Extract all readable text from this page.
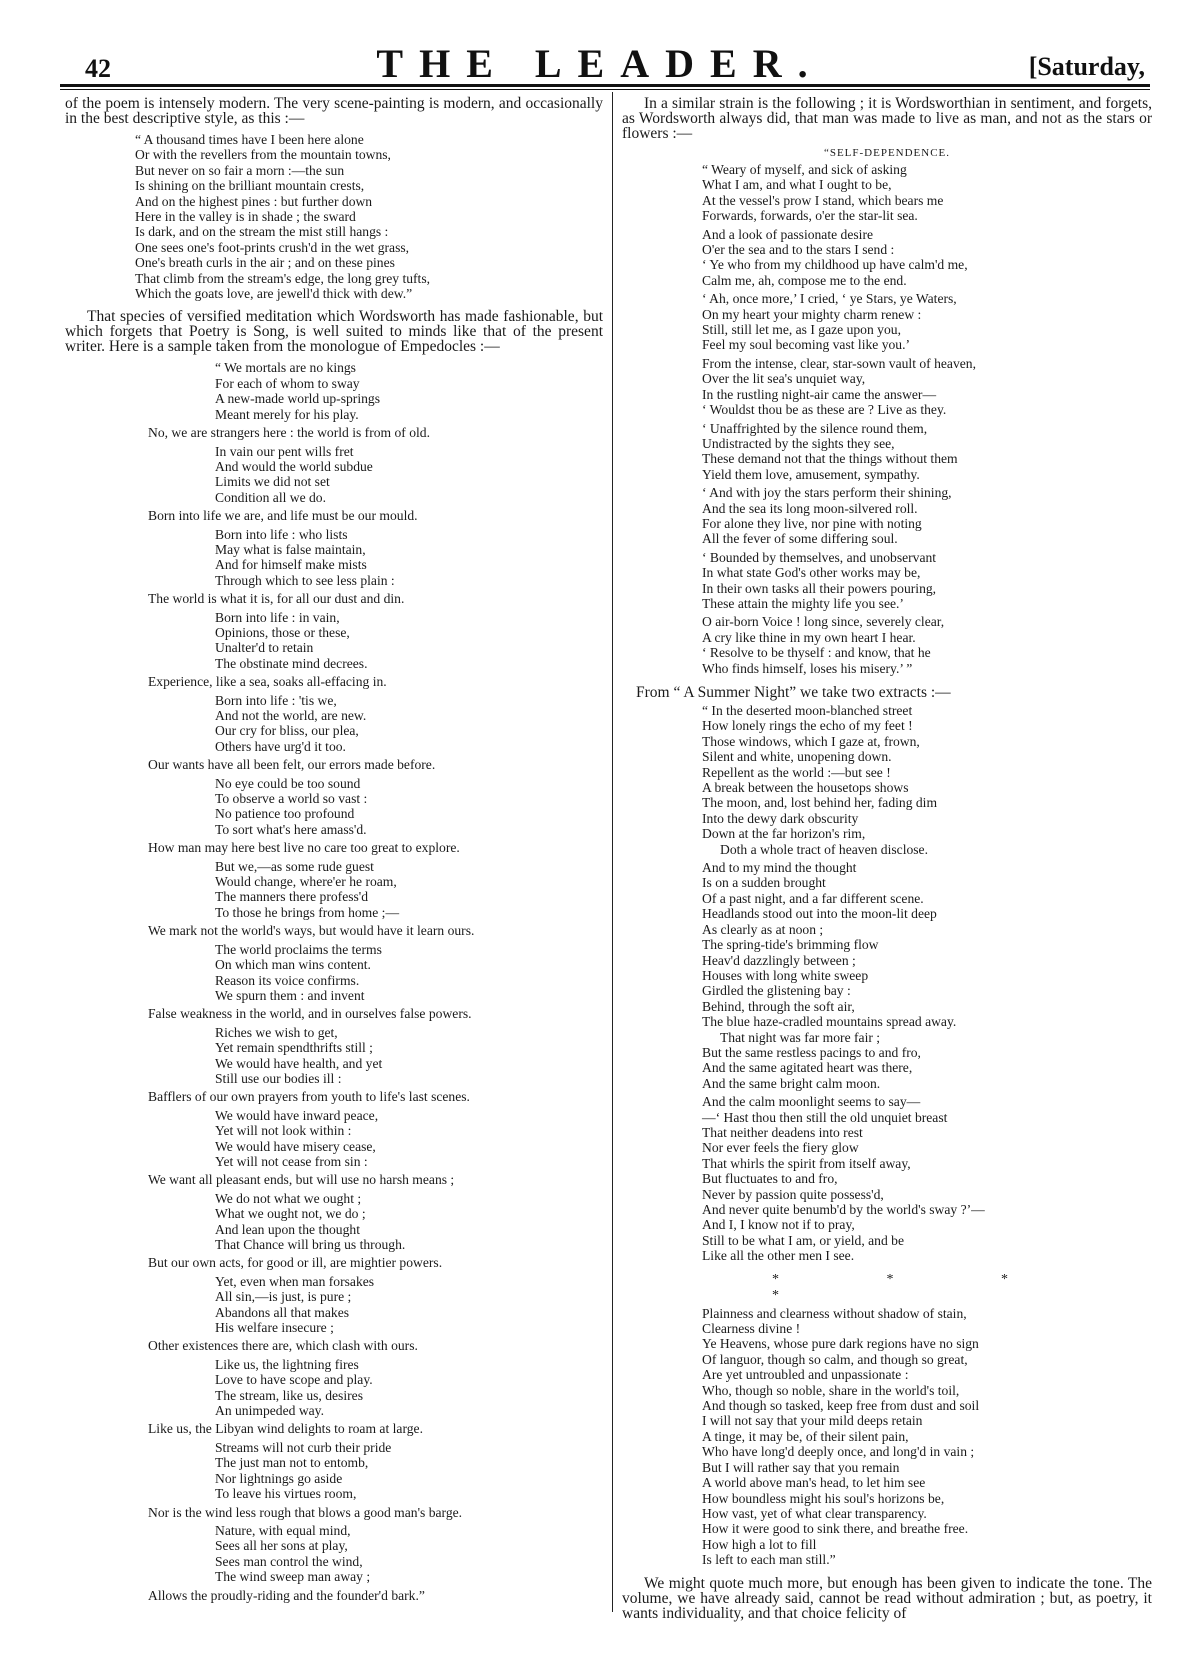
42	THE LEADER.	[Saturday,

of the poem is intensely modern. The very scene-painting is modern, and occasionally in the best descriptive style, as this :—

“ A thousand times have I been here alone
Or with the revellers from the mountain towns,
But never on so fair a morn :—the sun
Is shining on the brilliant mountain crests,
And on the highest pines : but further down
Here in the valley is in shade ; the sward
Is dark, and on the stream the mist still hangs :
One sees one's foot-prints crush'd in the wet grass,
One's breath curls in the air ; and on these pines
That climb from the stream's edge, the long grey tufts,
Which the goats love, are jewell'd thick with dew.”

That species of versified meditation which Wordsworth has made fashionable, but which forgets that Poetry is Song, is well suited to minds like that of the present writer. Here is a sample taken from the monologue of Empedocles :—

“ We mortals are no kings
For each of whom to sway
A new-made world up-springs
Meant merely for his play.
No, we are strangers here : the world is from of old.
In vain our pent wills fret
And would the world subdue
Limits we did not set
Condition all we do.
Born into life we are, and life must be our mould.
Born into life : who lists
May what is false maintain,
And for himself make mists
Through which to see less plain :
The world is what it is, for all our dust and din.
Born into life : in vain,
Opinions, those or these,
Unalter'd to retain
The obstinate mind decrees.
Experience, like a sea, soaks all-effacing in.
Born into life : 'tis we,
And not the world, are new.
Our cry for bliss, our plea,
Others have urg'd it too.
Our wants have all been felt, our errors made before.
No eye could be too sound
To observe a world so vast :
No patience too profound
To sort what's here amass'd.
How man may here best live no care too great to explore.
But we,—as some rude guest
Would change, where'er he roam,
The manners there profess'd
To those he brings from home ;—
We mark not the world's ways, but would have it learn ours.
The world proclaims the terms
On which man wins content.
Reason its voice confirms.
We spurn them : and invent
False weakness in the world, and in ourselves false powers.
Riches we wish to get,
Yet remain spendthrifts still ;
We would have health, and yet
Still use our bodies ill :
Bafflers of our own prayers from youth to life's last scenes.
We would have inward peace,
Yet will not look within :
We would have misery cease,
Yet will not cease from sin :
We want all pleasant ends, but will use no harsh means ;
We do not what we ought ;
What we ought not, we do ;
And lean upon the thought
That Chance will bring us through.
But our own acts, for good or ill, are mightier powers.
Yet, even when man forsakes
All sin,—is just, is pure ;
Abandons all that makes
His welfare insecure ;
Other existences there are, which clash with ours.
Like us, the lightning fires
Love to have scope and play.
The stream, like us, desires
An unimpeded way.
Like us, the Libyan wind delights to roam at large.
Streams will not curb their pride
The just man not to entomb,
Nor lightnings go aside
To leave his virtues room,
Nor is the wind less rough that blows a good man's barge.
Nature, with equal mind,
Sees all her sons at play,
Sees man control the wind,
The wind sweep man away ;
Allows the proudly-riding and the founder'd bark.”

In a similar strain is the following ; it is Wordsworthian in sentiment, and forgets, as Wordsworth always did, that man was made to live as man, and not as the stars or flowers :—

“SELF-DEPENDENCE.
“ Weary of myself, and sick of asking
What I am, and what I ought to be,
At the vessel's prow I stand, which bears me
Forwards, forwards, o'er the star-lit sea.
And a look of passionate desire
O'er the sea and to the stars I send :
‘ Ye who from my childhood up have calm'd me,
Calm me, ah, compose me to the end.
‘ Ah, once more,’ I cried, ‘ ye Stars, ye Waters,
On my heart your mighty charm renew :
Still, still let me, as I gaze upon you,
Feel my soul becoming vast like you.’
From the intense, clear, star-sown vault of heaven,
Over the lit sea's unquiet way,
In the rustling night-air came the answer—
‘ Wouldst thou be as these are ? Live as they.
‘ Unaffrighted by the silence round them,
Undistracted by the sights they see,
These demand not that the things without them
Yield them love, amusement, sympathy.
‘ And with joy the stars perform their shining,
And the sea its long moon-silvered roll.
For alone they live, nor pine with noting
All the fever of some differing soul.
‘ Bounded by themselves, and unobservant
In what state God's other works may be,
In their own tasks all their powers pouring,
These attain the mighty life you see.’
O air-born Voice ! long since, severely clear,
A cry like thine in my own heart I hear.
‘ Resolve to be thyself : and know, that he
Who finds himself, loses his misery.’ ”
From “ A Summer Night” we take two extracts :—
“ In the deserted moon-blanched street
How lonely rings the echo of my feet !
Those windows, which I gaze at, frown,
Silent and white, unopening down.
Repellent as the world :—but see !
A break between the housetops shows
The moon, and, lost behind her, fading dim
Into the dewy dark obscurity
Down at the far horizon's rim,
Doth a whole tract of heaven disclose.
And to my mind the thought
Is on a sudden brought
Of a past night, and a far different scene.
Headlands stood out into the moon-lit deep
As clearly as at noon ;
The spring-tide's brimming flow
Heav'd dazzlingly between ;
Houses with long white sweep
Girdled the glistening bay :
Behind, through the soft air,
The blue haze-cradled mountains spread away.
That night was far more fair ;
But the same restless pacings to and fro,
And the same agitated heart was there,
And the same bright calm moon.
And the calm moonlight seems to say—
—‘ Hast thou then still the old unquiet breast
That neither deadens into rest
Nor ever feels the fiery glow
That whirls the spirit from itself away,
But fluctuates to and fro,
Never by passion quite possess'd,
And never quite benumb'd by the world's sway ?’—
And I, I know not if to pray,
Still to be what I am, or yield, and be
Like all the other men I see.
* * * *
Plainness and clearness without shadow of stain,
Clearness divine !
Ye Heavens, whose pure dark regions have no sign
Of languor, though so calm, and though so great,
Are yet untroubled and unpassionate :
Who, though so noble, share in the world's toil,
And though so tasked, keep free from dust and soil
I will not say that your mild deeps retain
A tinge, it may be, of their silent pain,
Who have long'd deeply once, and long'd in vain ;
But I will rather say that you remain
A world above man's head, to let him see
How boundless might his soul's horizons be,
How vast, yet of what clear transparency.
How it were good to sink there, and breathe free.
How high a lot to fill
Is left to each man still.”

We might quote much more, but enough has been given to indicate the tone. The volume, we have already said, cannot be read without admiration ; but, as poetry, it wants individuality, and that choice felicity of
